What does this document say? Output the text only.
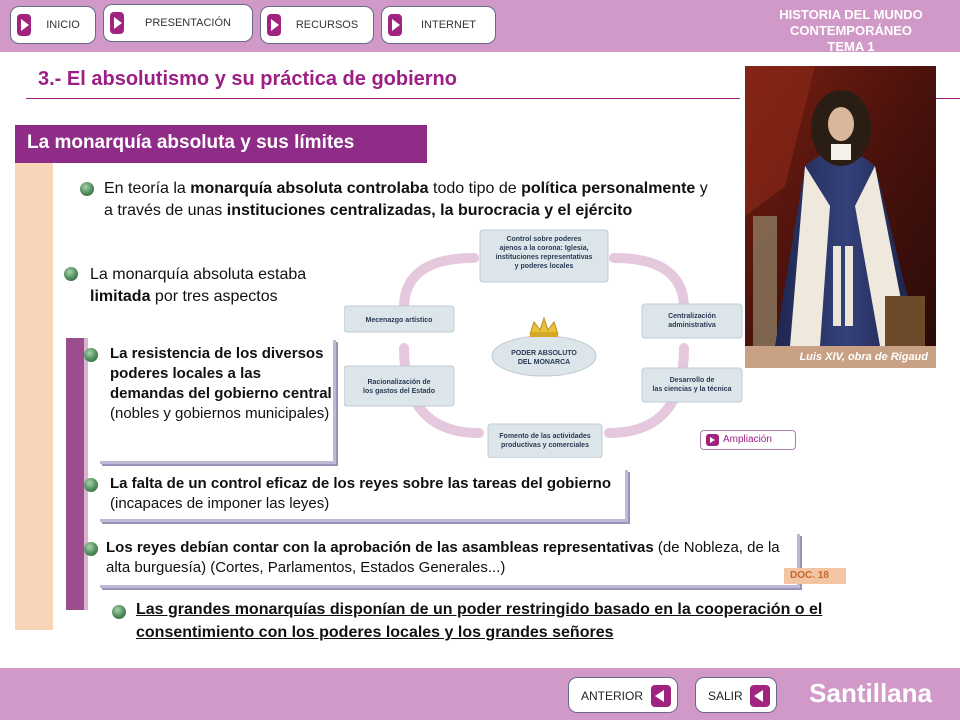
INICIO	PRESENTACIÓN	RECURSOS	INTERNET
HISTORIA DEL MUNDO CONTEMPORÁNEO
TEMA 1
3.- El absolutismo y su práctica de gobierno
Luis XIV, obra de Rigaud
La monarquía absoluta y sus límites
En teoría la monarquía absoluta controlaba todo tipo de política personalmente y a través de unas instituciones centralizadas, la burocracia y el ejército
La monarquía absoluta estaba limitada por tres aspectos
Control sobre poderes
ajenos a la corona: Iglesia,
instituciones representativas
y poderes locales
Mecenazgo artístico
Racionalización de
los gastos del Estado
Centralización
administrativa
Desarrollo de
las ciencias y la técnica
Fomento de las actividades
productivas y comerciales
PODER ABSOLUTO
DEL MONARCA
Ampliación
La resistencia de los diversos poderes locales a las demandas del gobierno central (nobles y gobiernos municipales)
La falta de un control eficaz de los reyes sobre las tareas del gobierno (incapaces de imponer las leyes)
Los reyes debían contar con la aprobación de las asambleas representativas (de Nobleza, de la alta burguesía) (Cortes, Parlamentos, Estados Generales...)	DOC. 18
Las grandes monarquías disponían de un poder restringido basado en la cooperación o el consentimiento con los poderes locales y los grandes señores
ANTERIOR	SALIR	Santillana
